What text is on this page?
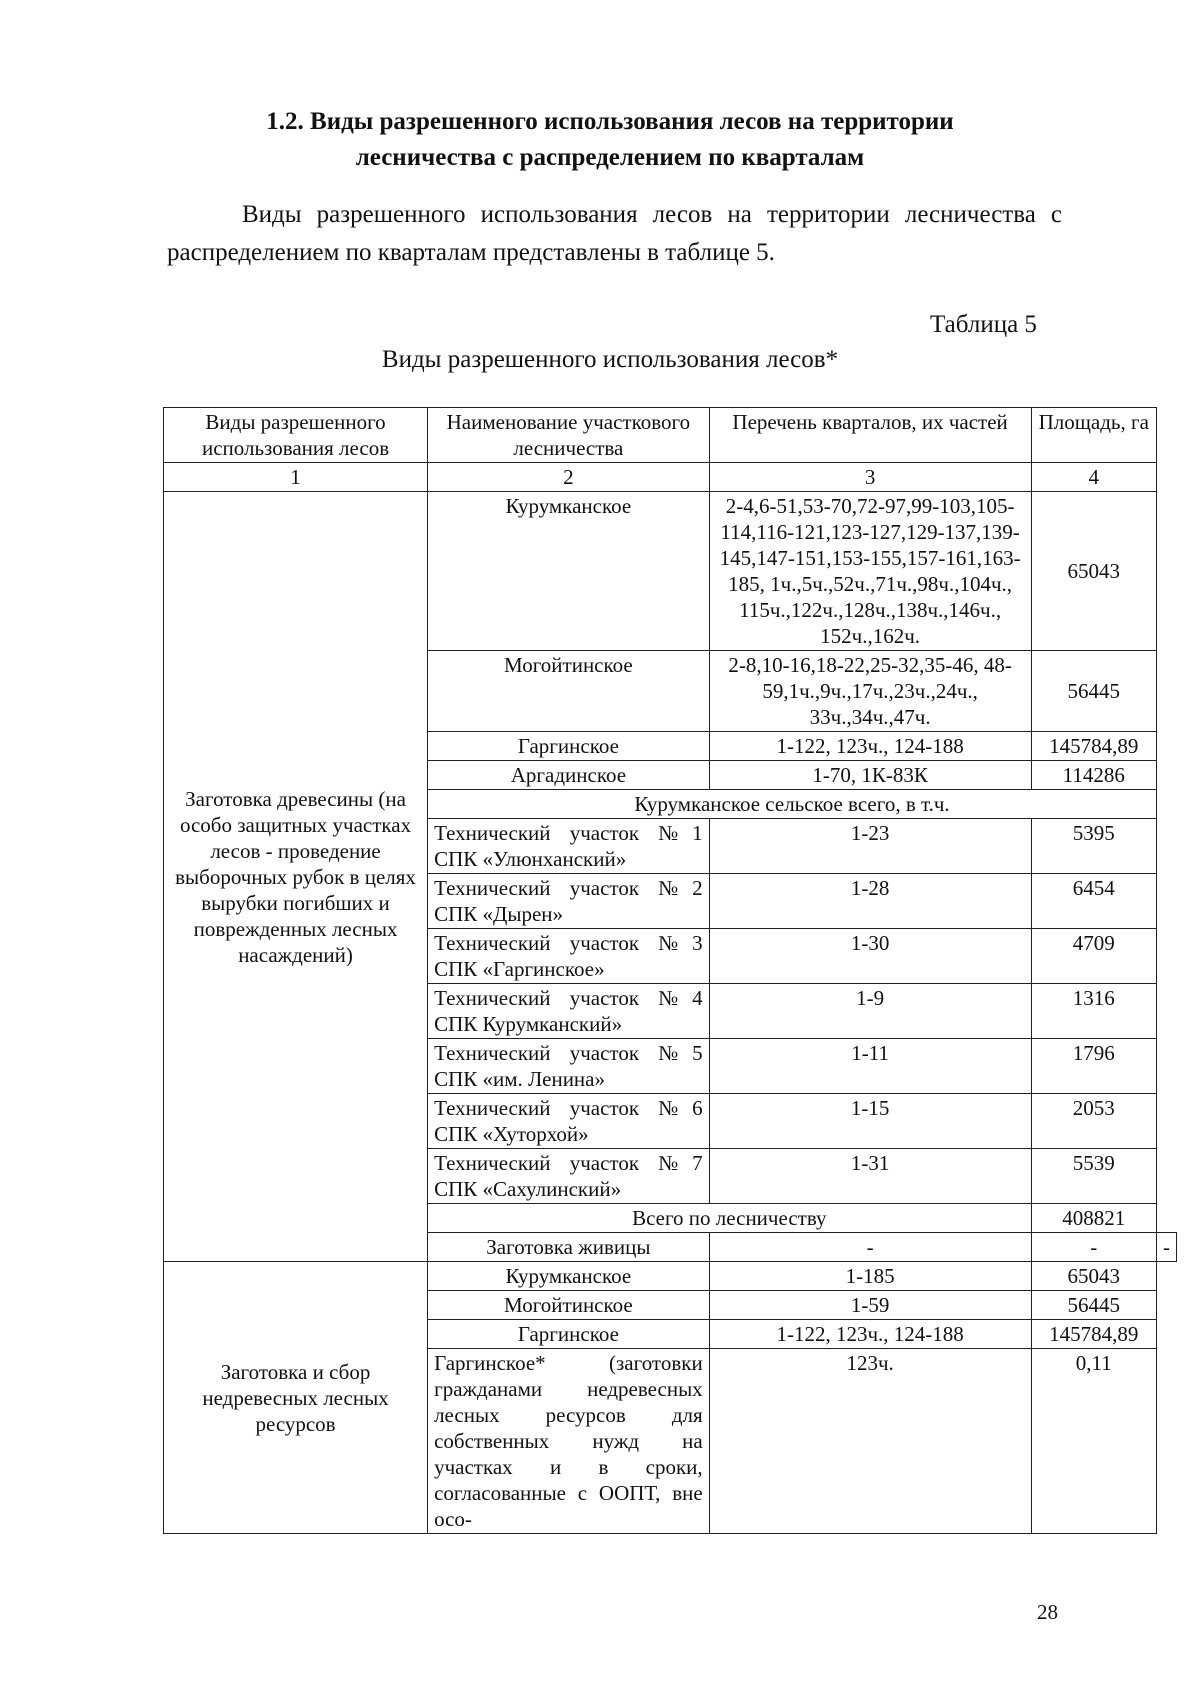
1.2. Виды разрешенного использования лесов на территории
лесничества с распределением по кварталам
Виды разрешенного использования лесов на территории лесничества с распределением по кварталам представлены в таблице 5.
Таблица 5
Виды разрешенного использования лесов*
Виды разрешенного использования лесов	Наименование участкового лесничества	Перечень кварталов, их частей	Площадь, га	
1	2	3	4	
Заготовка древесины (на особо защитных участках лесов - проведение выборочных рубок в целях вырубки погибших и поврежденных лесных насаждений)	Курумканское	2-4,6-51,53-70,72-97,99-103,105-114,116-121,123-127,129-137,139-145,147-151,153-155,157-161,163-185, 1ч.,5ч.,52ч.,71ч.,98ч.,104ч., 115ч.,122ч.,128ч.,138ч.,146ч., 152ч.,162ч.	65043	
	Могойтинское	2-8,10-16,18-22,25-32,35-46, 48-59,1ч.,9ч.,17ч.,23ч.,24ч., 33ч.,34ч.,47ч.	56445	
	Гаргинское	1-122, 123ч., 124-188	145784,89	
	Аргадинское	1-70, 1К-83К	114286	
	Курумканское сельское всего, в т.ч.			
	Технический участок №1 СПК «Улюнханский»	1-23	5395	
	Технический участок №2 СПК «Дырен»	1-28	6454	
	Технический участок №3 СПК «Гаргинское»	1-30	4709	
	Технический участок №4 СПК Курумканский»	1-9	1316	
	Технический участок №5 СПК «им. Ленина»	1-11	1796	
	Технический участок №6 СПК «Хуторхой»	1-15	2053	
	Технический участок №7 СПК «Сахулинский»	1-31	5539	
	Всего по лесничеству		408821	
	Заготовка живицы	-	-	-
Заготовка и сбор недревесных лесных ресурсов	Курумканское	1-185	65043	
	Могойтинское	1-59	56445	
	Гаргинское	1-122, 123ч., 124-188	145784,89	
	Гаргинское* (заготовки гражданами недревесных лесных ресурсов для собственных нужд на участках и в сроки, согласованные с ООПТ, вне осо-	123ч.	0,11	
28
